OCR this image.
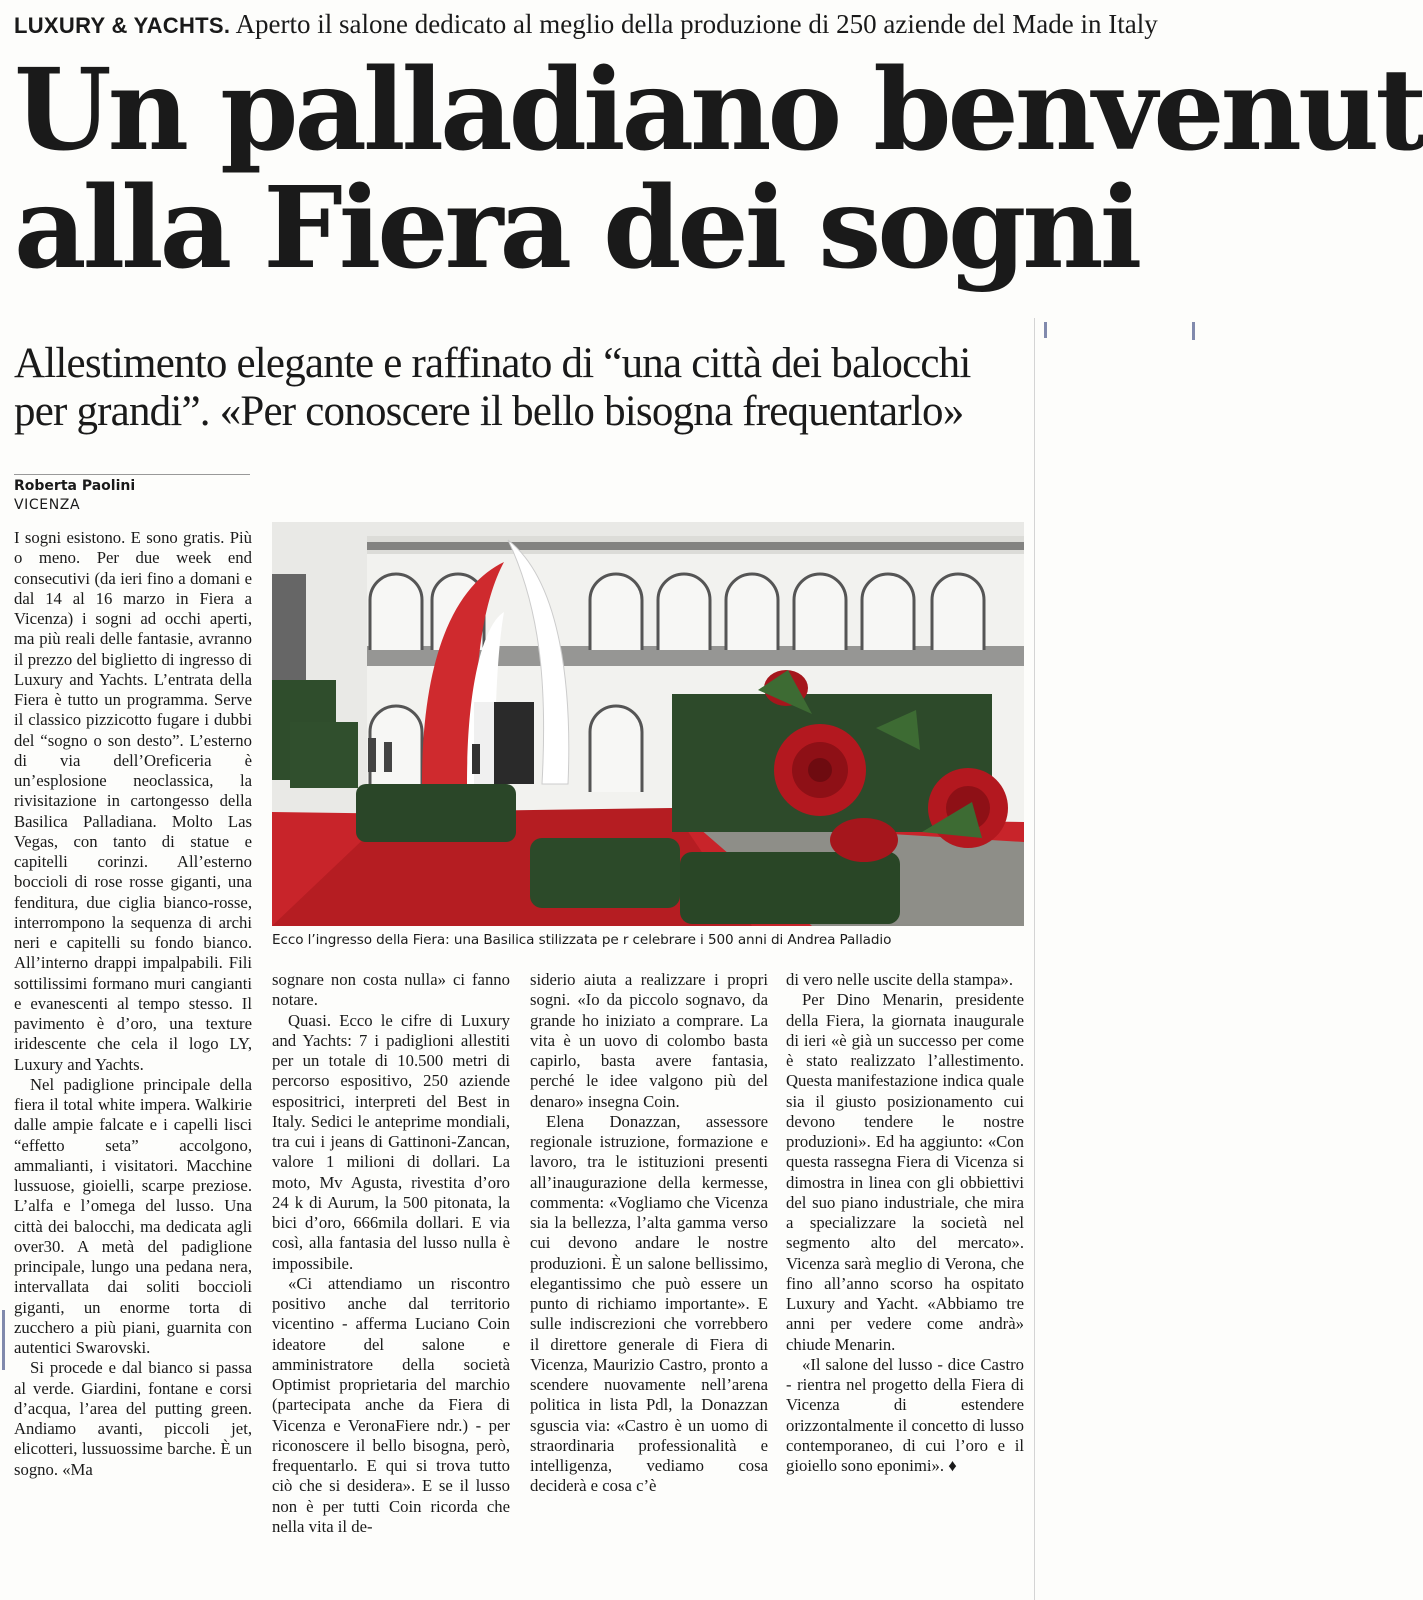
LUXURY & YACHTS. Aperto il salone dedicato al meglio della produzione di 250 aziende del Made in Italy
Un palladiano benvenut
alla Fiera dei sogni
Allestimento elegante e raffinato di “una città dei balocchi
per grandi”. «Per conoscere il bello bisogna frequentarlo»
Roberta Paolini
VICENZA

I sogni esistono. E sono gratis. Più o meno. Per due week end consecutivi (da ieri fino a domani e dal 14 al 16 marzo in Fiera a Vicenza) i sogni ad occhi aperti, ma più reali delle fantasie, avranno il prezzo del biglietto di ingresso di Luxury and Yachts. L’entrata della Fiera è tutto un programma. Serve il classico pizzicotto fugare i dubbi del “sogno o son desto”. L’esterno di via dell’Oreficeria è un’esplosione neoclassica, la rivisitazione in cartongesso della Basilica Palladiana. Molto Las Vegas, con tanto di statue e capitelli corinzi. All’esterno boccioli di rose rosse giganti, una fenditura, due ciglia bianco-rosse, interrompono la sequenza di archi neri e capitelli su fondo bianco. All’interno drappi impalpabili. Fili sottilissimi formano muri cangianti e evanescenti al tempo stesso. Il pavimento è d’oro, una texture iridescente che cela il logo LY, Luxury and Yachts.

Nel padiglione principale della fiera il total white impera. Walkirie dalle ampie falcate e i capelli lisci “effetto seta” accolgono, ammalianti, i visitatori. Macchine lussuose, gioielli, scarpe preziose. L’alfa e l’omega del lusso. Una città dei balocchi, ma dedicata agli over30. A metà del padiglione principale, lungo una pedana nera, intervallata dai soliti boccioli giganti, un enorme torta di zucchero a più piani, guarnita con autentici Swarovski.

Si procede e dal bianco si passa al verde. Giardini, fontane e corsi d’acqua, l’area del putting green. Andiamo avanti, piccoli jet, elicotteri, lussuossime barche. È un sogno. «Ma

Ecco l’ingresso della Fiera: una Basilica stilizzata pe r celebrare i 500 anni di Andrea Palladio

sognare non costa nulla» ci fanno notare.

Quasi. Ecco le cifre di Luxury and Yachts: 7 i padiglioni allestiti per un totale di 10.500 metri di percorso espositivo, 250 aziende espositrici, interpreti del Best in Italy. Sedici le anteprime mondiali, tra cui i jeans di Gattinoni-Zancan, valore 1 milioni di dollari. La moto, Mv Agusta, rivestita d’oro 24 k di Aurum, la 500 pitonata, la bici d’oro, 666mila dollari. E via così, alla fantasia del lusso nulla è impossibile.

«Ci attendiamo un riscontro positivo anche dal territorio vicentino - afferma Luciano Coin ideatore del salone e amministratore della società Optimist proprietaria del marchio (partecipata anche da Fiera di Vicenza e VeronaFiere ndr.) - per riconoscere il bello bisogna, però, frequentarlo. E qui si trova tutto ciò che si desidera». E se il lusso non è per tutti Coin ricorda che nella vita il de-

siderio aiuta a realizzare i propri sogni. «Io da piccolo sognavo, da grande ho iniziato a comprare. La vita è un uovo di colombo basta capirlo, basta avere fantasia, perché le idee valgono più del denaro» insegna Coin.

Elena Donazzan, assessore regionale istruzione, formazione e lavoro, tra le istituzioni presenti all’inaugurazione della kermesse, commenta: «Vogliamo che Vicenza sia la bellezza, l’alta gamma verso cui devono andare le nostre produzioni. È un salone bellissimo, elegantissimo che può essere un punto di richiamo importante». E sulle indiscrezioni che vorrebbero il direttore generale di Fiera di Vicenza, Maurizio Castro, pronto a scendere nuovamente nell’arena politica in lista Pdl, la Donazzan sguscia via: «Castro è un uomo di straordinaria professionalità e intelligenza, vediamo cosa deciderà e cosa c’è

di vero nelle uscite della stampa».

Per Dino Menarin, presidente della Fiera, la giornata inaugurale di ieri «è già un successo per come è stato realizzato l’allestimento. Questa manifestazione indica quale sia il giusto posizionamento cui devono tendere le nostre produzioni». Ed ha aggiunto: «Con questa rassegna Fiera di Vicenza si dimostra in linea con gli obbiettivi del suo piano industriale, che mira a specializzare la società nel segmento alto del mercato». Vicenza sarà meglio di Verona, che fino all’anno scorso ha ospitato Luxury and Yacht. «Abbiamo tre anni per vedere come andrà» chiude Menarin.

«Il salone del lusso - dice Castro - rientra nel progetto della Fiera di Vicenza di estendere orizzontalmente il concetto di lusso contemporaneo, di cui l’oro e il gioiello sono eponimi». ♦
